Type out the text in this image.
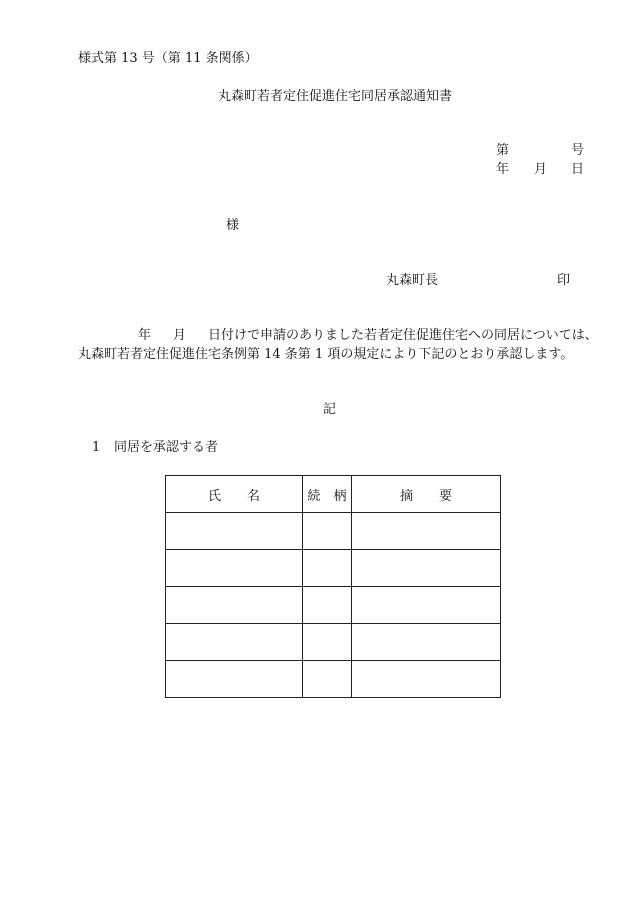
様式第 13 号（第 11 条関係）
丸森町若者定住促進住宅同居承認通知書
第	号
年 月 日
様
丸森町長	印
年 月 日付けで申請のありました若者定住促進住宅への同居については、
丸森町若者定住促進住宅条例第 14 条第 1 項の規定により下記のとおり承認します。
記
1 同居を承認する者
氏　　名	続　柄	摘　　要
